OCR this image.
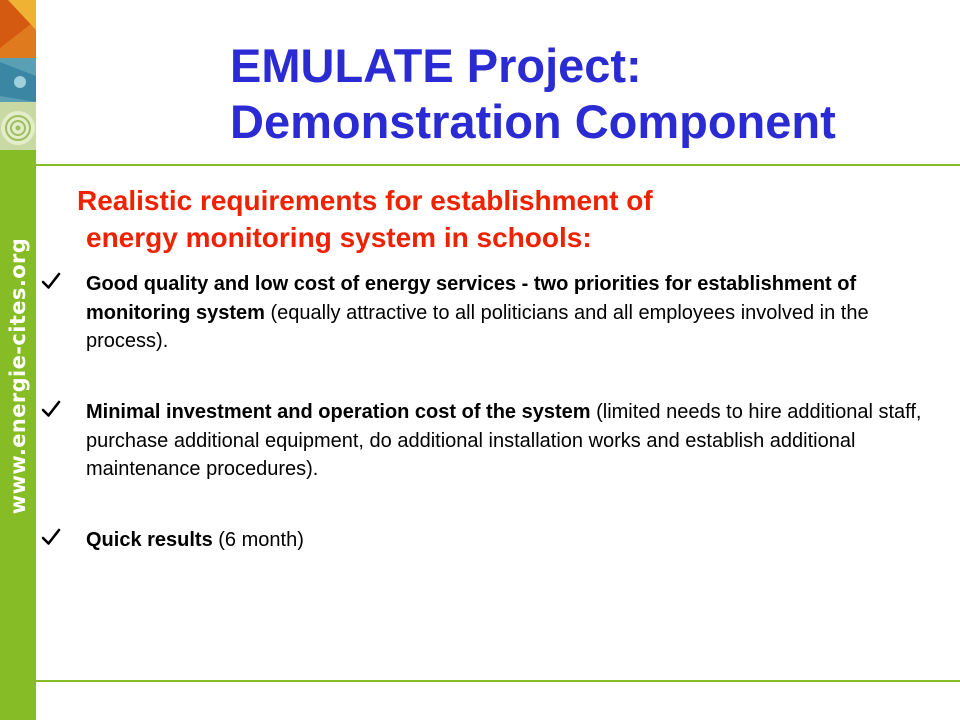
www.energie-cites.org
EMULATE Project:
Demonstration Component
Realistic requirements for establishment of
energy monitoring system in schools:
Good quality and low cost of energy services - two priorities for establishment of monitoring system (equally attractive to all politicians and all employees involved in the process).
Minimal investment and operation cost of the system (limited needs to hire additional staff, purchase additional equipment, do additional installation works and establish additional maintenance procedures).
Quick results (6 month)
